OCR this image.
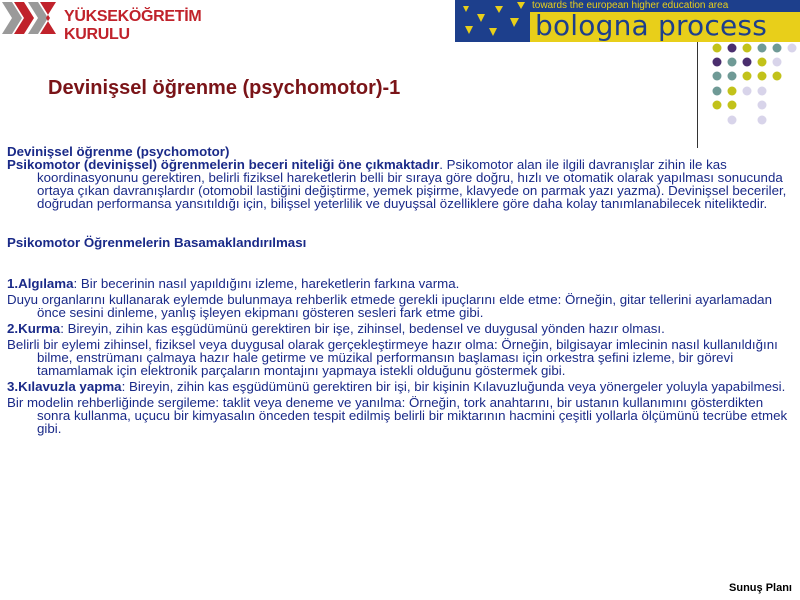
YÜKSEKÖĞRETİM KURULU
towards the european higher education area
bologna process
Devinişsel öğrenme (psychomotor)-1

Devinişsel öğrenme (psychomotor)

Psikomotor (devinişsel) öğrenmelerin beceri niteliği öne çıkmaktadır. Psikomotor alan ile ilgili davranışlar zihin ile kas koordinasyonunu gerektiren, belirli fiziksel hareketlerin belli bir sıraya göre doğru, hızlı ve otomatik olarak yapılması sonucunda ortaya çıkan davranışlardır (otomobil lastiğini değiştirme, yemek pişirme, klavyede on parmak yazı yazma). Devinişsel beceriler, doğrudan performansa yansıtıldığı için, bilişsel yeterlilik ve duyuşsal özelliklere göre daha kolay tanımlanabilecek niteliktedir.

Psikomotor Öğrenmelerin Basamaklandırılması

1.Algılama: Bir becerinin nasıl yapıldığını izleme, hareketlerin farkına varma.

Duyu organlarını kullanarak eylemde bulunmaya rehberlik etmede gerekli ipuçlarını elde etme: Örneğin, gitar tellerini ayarlamadan önce sesini dinleme, yanlış işleyen ekipmanı gösteren sesleri fark etme gibi.

2.Kurma: Bireyin, zihin kas eşgüdümünü gerektiren bir işe, zihinsel, bedensel ve duygusal yönden hazır olması.

Belirli bir eylemi zihinsel, fiziksel veya duygusal olarak gerçekleştirmeye hazır olma: Örneğin, bilgisayar imlecinin nasıl kullanıldığını bilme, enstrümanı çalmaya hazır hale getirme ve müzikal performansın başlaması için orkestra şefini izleme, bir görevi tamamlamak için elektronik parçaların montajını yapmaya istekli olduğunu göstermek gibi.

3.Kılavuzla yapma: Bireyin, zihin kas eşgüdümünü gerektiren bir işi, bir kişinin Kılavuzluğunda veya yönergeler yoluyla yapabilmesi.

Bir modelin rehberliğinde sergileme: taklit veya deneme ve yanılma: Örneğin, tork anahtarını, bir ustanın kullanımını gösterdikten sonra kullanma, uçucu bir kimyasalın önceden tespit edilmiş belirli bir miktarının hacmini çeşitli yollarla ölçümünü tecrübe etmek gibi.

Sunuş Planı
